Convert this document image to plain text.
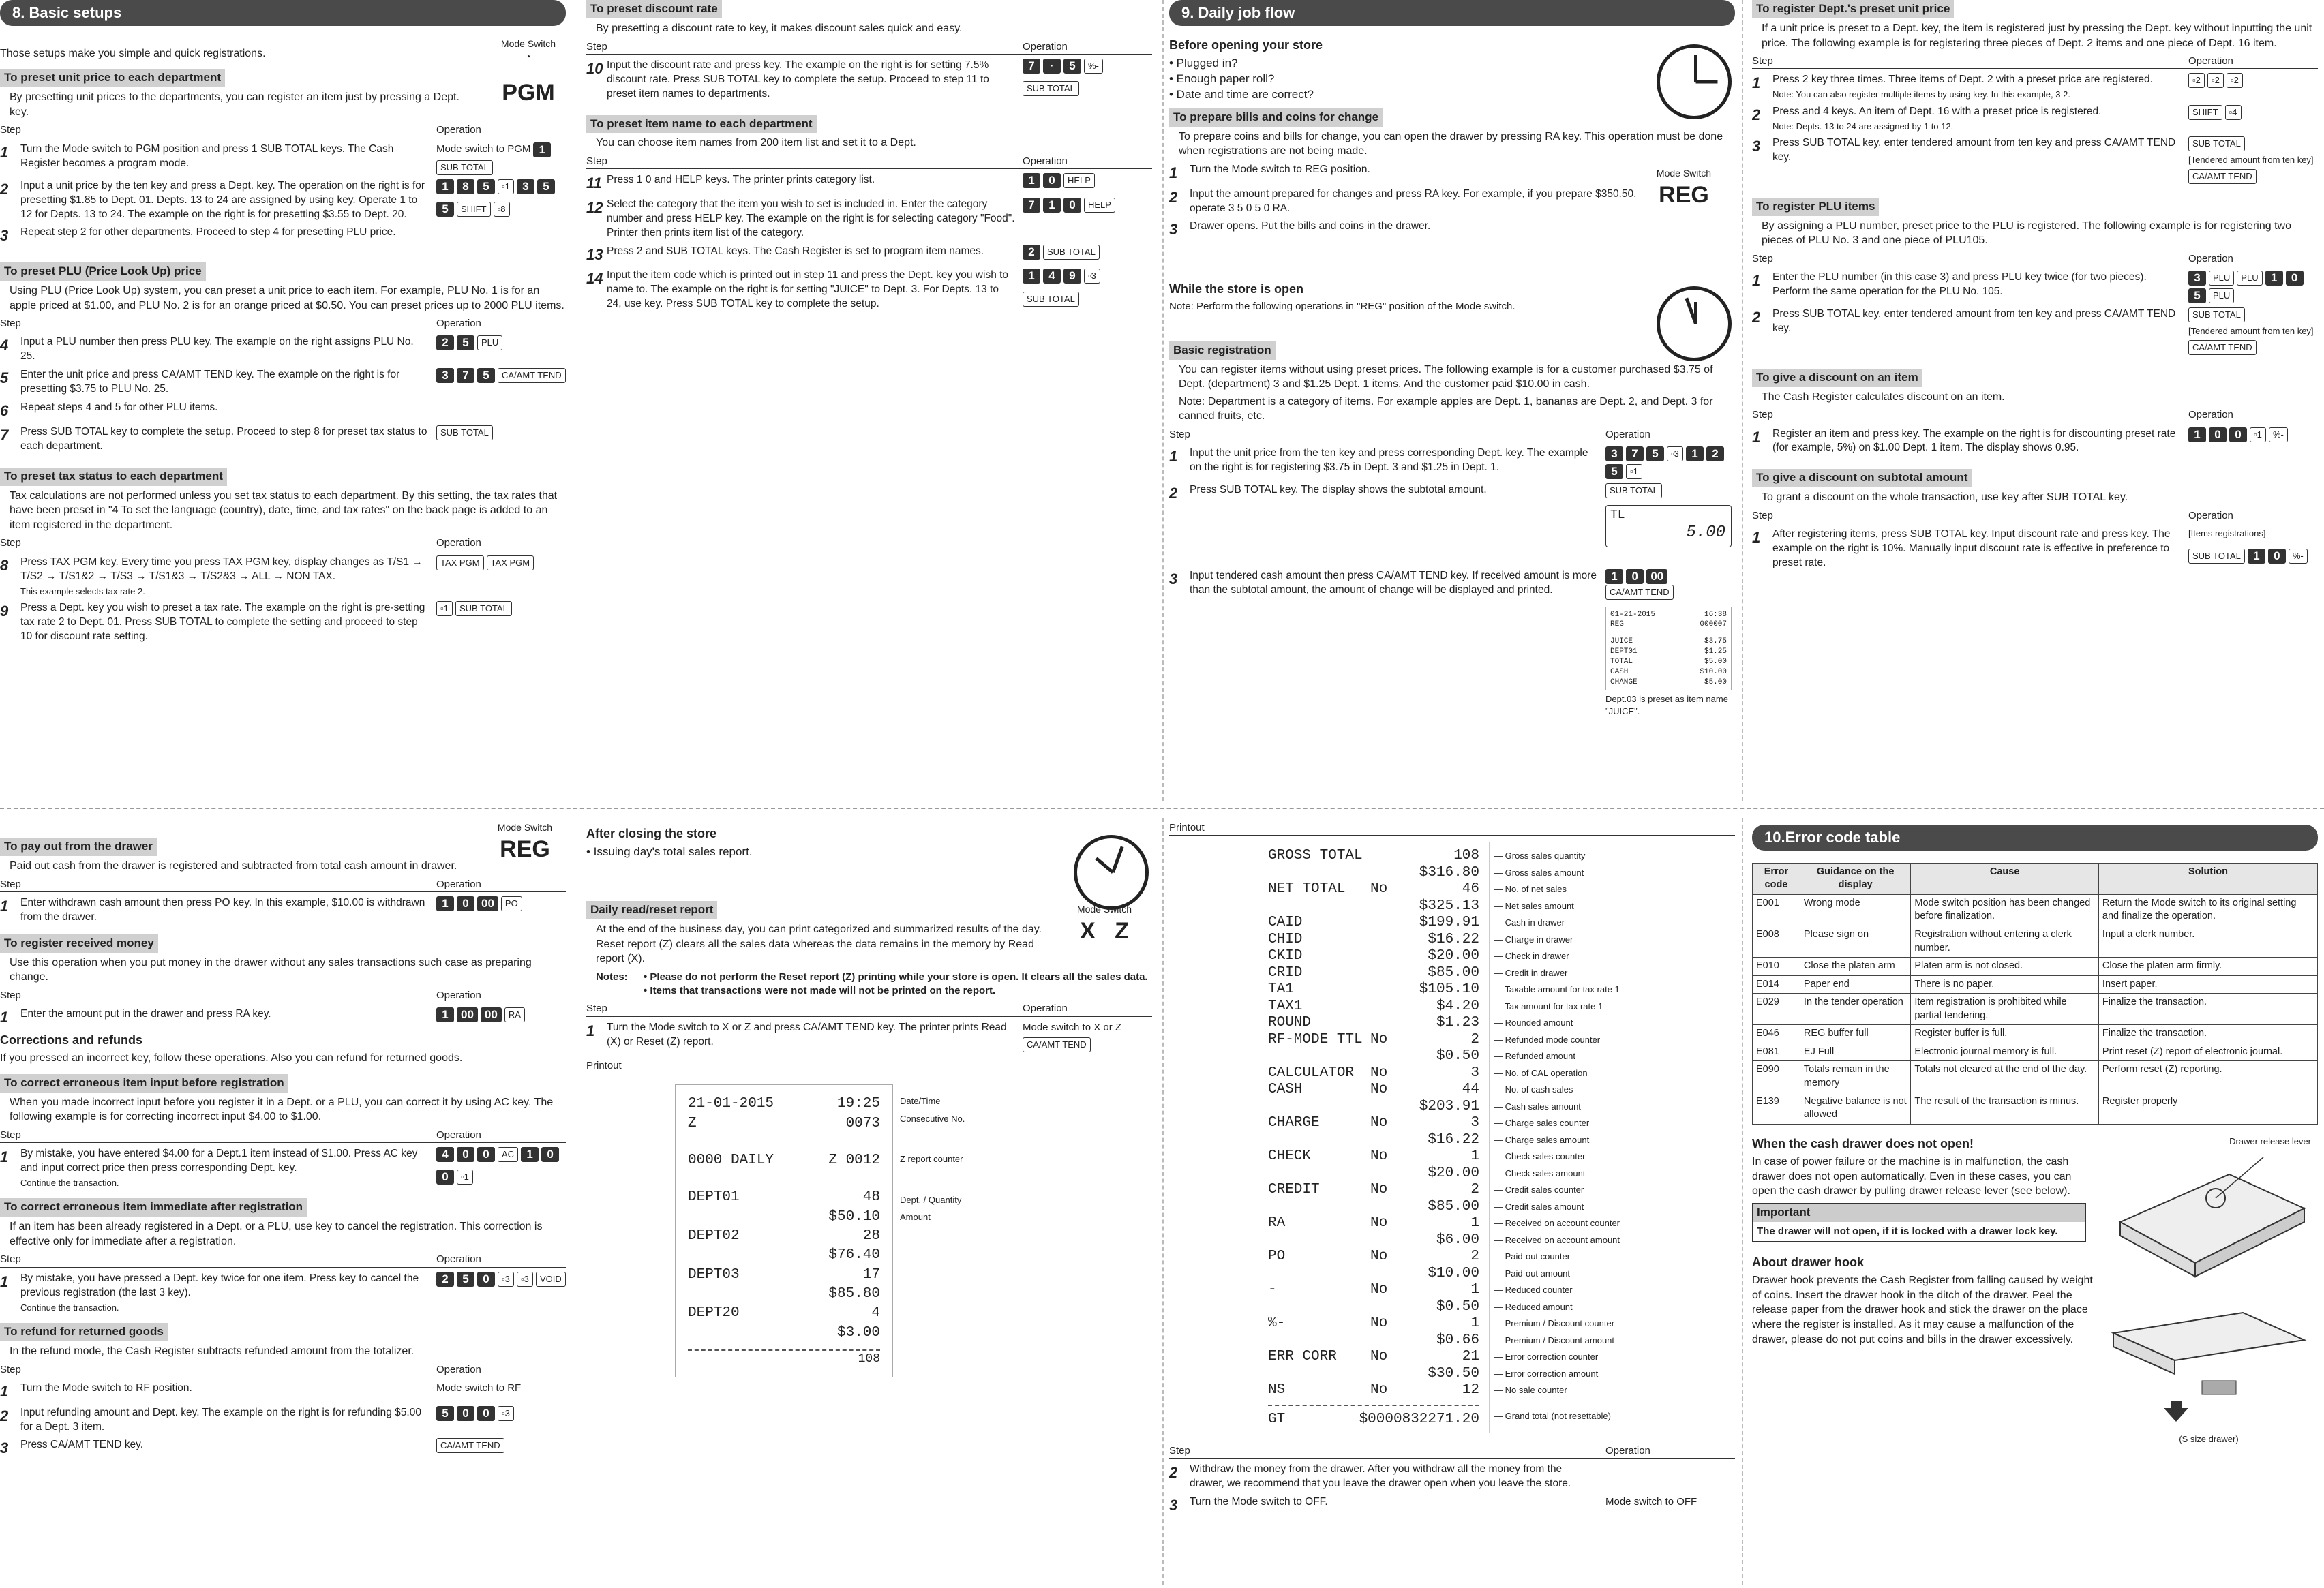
8. Basic setups
Those setups make you simple and quick registrations.
Mode Switch
◔
PGM
To preset unit price to each department
By presetting unit prices to the departments, you can register an item just by pressing a Dept. key.
Step	Operation
1	Turn the Mode switch to PGM position and press 1 SUB TOTAL keys. The Cash Register becomes a program mode.
Mode switch to PGM 1
SUB TOTAL
2	Input a unit price by the ten key and press a Dept. key. The operation on the right is for presetting $1.85 to Dept. 01. Depts. 13 to 24 are assigned by using key. Operate 1 to 12 for Depts. 13 to 24. The example on the right is for presetting $3.55 to Dept. 20.
1	8	5	▫1	3	5
5	SHIFT	▫8
3	Repeat step 2 for other departments. Proceed to step 4 for presetting PLU price.
To preset PLU (Price Look Up) price
Using PLU (Price Look Up) system, you can preset a unit price to each item. For example, PLU No. 1 is for an apple priced at $1.00, and PLU No. 2 is for an orange priced at $0.50. You can preset prices up to 2000 PLU items.
Step	Operation
4	Input a PLU number then press PLU key. The example on the right assigns PLU No. 25.
2	5	PLU
5	Enter the unit price and press CA/AMT TEND key. The example on the right is for presetting $3.75 to PLU No. 25.
3	7	5	CA/AMT TEND
6	Repeat steps 4 and 5 for other PLU items.
7	Press SUB TOTAL key to complete the setup. Proceed to step 8 for preset tax status to each department.
SUB TOTAL
To preset tax status to each department
Tax calculations are not performed unless you set tax status to each department. By this setting, the tax rates that have been preset in "4 To set the language (country), date, time, and tax rates" on the back page is added to an item registered in the department.
Step	Operation
8	Press TAX PGM key. Every time you press TAX PGM key, display changes as T/S1 → T/S2 → T/S1&2 → T/S3 → T/S1&3 → T/S2&3 → ALL → NON TAX.
This example selects tax rate 2.
TAX PGM	TAX PGM
9	Press a Dept. key you wish to preset a tax rate. The example on the right is pre-setting tax rate 2 to Dept. 01. Press SUB TOTAL to complete the setting and proceed to step 10 for discount rate setting.
▫1	SUB TOTAL
To preset discount rate
By presetting a discount rate to key, it makes discount sales quick and easy.
Step	Operation
10 Input the discount rate and press key. The example on the right is for setting 7.5% discount rate. Press SUB TOTAL key to complete the setup. Proceed to step 11 to preset item names to departments.
7	·	5	%-
SUB TOTAL
To preset item name to each department
You can choose item names from 200 item list and set it to a Dept.
Step	Operation
11 Press 1 0 and HELP keys. The printer prints category list.	1	0	HELP
12 Select the category that the item you wish to set is included in. Enter the category number and press HELP key. The example on the right is for selecting category "Food". Printer then prints item list of the category.
7	1	0	HELP
13 Press 2 and SUB TOTAL keys. The Cash Register is set to program item names.	2	SUB TOTAL
14 Input the item code which is printed out in step 11 and press the Dept. key you wish to name to. The example on the right is for setting "JUICE" to Dept. 3. For Depts. 13 to 24, use key. Press SUB TOTAL key to complete the setup.
1	4	9	▫3
SUB TOTAL
9. Daily job flow
Before opening your store
• Plugged in?
• Enough paper roll?
• Date and time are correct?
To prepare bills and coins for change
To prepare coins and bills for change, you can open the drawer by pressing RA key. This operation must be done when registrations are not being made.
1	Turn the Mode switch to REG position.
2	Input the amount prepared for changes and press RA key. For example, if you prepare $350.50, operate 3 5 0 5 0 RA.
3	Drawer opens. Put the bills and coins in the drawer.
Mode Switch
REG
While the store is open
Note: Perform the following operations in "REG" position of the Mode switch.
Basic registration
You can register items without using preset prices. The following example is for a customer purchased $3.75 of Dept. (department) 3 and $1.25 Dept. 1 items. And the customer paid $10.00 in cash.
Note: Department is a category of items. For example apples are Dept. 1, bananas are Dept. 2, and Dept. 3 for canned fruits, etc.
Step	Operation
1	Input the unit price from the ten key and press corresponding Dept. key. The example on the right is for registering $3.75 in Dept. 3 and $1.25 in Dept. 1.
3	7	5	▫3	1	2
5	▫1
2	Press SUB TOTAL key. The display shows the subtotal amount.	SUB TOTAL
TL
5.00
3	Input tendered cash amount then press CA/AMT TEND key. If received amount is more than the subtotal amount, the amount of change will be displayed and printed.
1 0 00 CA/AMT TEND
01-21-2015	16:38
REG	000007
JUICE	$3.75
DEPT01	$1.25
TOTAL	$5.00
CASH	$10.00
CHANGE	$5.00
Dept.03 is preset as item name "JUICE".
To register Dept.'s preset unit price
If a unit price is preset to a Dept. key, the item is registered just by pressing the Dept. key without inputting the unit price. The following example is for registering three pieces of Dept. 2 items and one piece of Dept. 16 item.
Step	Operation
1	Press 2 key three times. Three items of Dept. 2 with a preset price are registered.
Note: You can also register multiple items by using key. In this example, 3 2.
▫2	▫2	▫2
2	Press and 4 keys. An item of Dept. 16 with a preset price is registered.
Note: Depts. 13 to 24 are assigned by 1 to 12.
SHIFT	▫4
3	Press SUB TOTAL key, enter tendered amount from ten key and press CA/AMT TEND key.
SUB TOTAL
[Tendered amount from ten key]
CA/AMT TEND
To register PLU items
By assigning a PLU number, preset price to the PLU is registered. The following example is for registering two pieces of PLU No. 3 and one piece of PLU105.
Step	Operation
1	Enter the PLU number (in this case 3) and press PLU key twice (for two pieces). Perform the same operation for the PLU No. 105.
3	PLU	PLU	1	0
5	PLU
2	Press SUB TOTAL key, enter tendered amount from ten key and press CA/AMT TEND key.
SUB TOTAL
[Tendered amount from ten key]
CA/AMT TEND
To give a discount on an item
The Cash Register calculates discount on an item.
Step	Operation
1	Register an item and press key. The example on the right is for discounting preset rate (for example, 5%) on $1.00 Dept. 1 item. The display shows 0.95.
1	0	0	▫1	%-
To give a discount on subtotal amount
To grant a discount on the whole transaction, use key after SUB TOTAL key.
Step	Operation
1	After registering items, press SUB TOTAL key. Input discount rate and press key. The example on the right is 10%. Manually input discount rate is effective in preference to preset rate.
[Items registrations]
SUB TOTAL	1	0	%-
Mode Switch
REG
To pay out from the drawer
Paid out cash from the drawer is registered and subtracted from total cash amount in drawer.
Step	Operation
1	Enter withdrawn cash amount then press PO key. In this example, $10.00 is withdrawn from the drawer.
1	0	00	PO
To register received money
Use this operation when you put money in the drawer without any sales transactions such case as preparing change.
Step	Operation
1	Enter the amount put in the drawer and press RA key.	1	00 00	RA
Corrections and refunds
If you pressed an incorrect key, follow these operations. Also you can refund for returned goods.
To correct erroneous item input before registration
When you made incorrect input before you register it in a Dept. or a PLU, you can correct it by using AC key. The following example is for correcting incorrect input $4.00 to $1.00.
Step	Operation
1	By mistake, you have entered $4.00 for a Dept.1 item instead of $1.00. Press AC key and input correct price then press corresponding Dept. key.
Continue the transaction.
4	0	0	AC	1	0
0	▫1
To correct erroneous item immediate after registration
If an item has been already registered in a Dept. or a PLU, use key to cancel the registration. This correction is effective only for immediate after a registration.
Step	Operation
1	By mistake, you have pressed a Dept. key twice for one item. Press key to cancel the previous registration (the last 3 key).
Continue the transaction.
2	5	0	▫3	▫3	VOID
To refund for returned goods
In the refund mode, the Cash Register subtracts refunded amount from the totalizer.
Step	Operation
1	Turn the Mode switch to RF position.	Mode switch to RF
2	Input refunding amount and Dept. key. The example on the right is for refunding $5.00 for a Dept. 3 item.
5	0	0	▫3
3	Press CA/AMT TEND key.	CA/AMT TEND
After closing the store
• Issuing day's total sales report.
Mode Switch
X   Z
Daily read/reset report
At the end of the business day, you can print categorized and summarized results of the day. Reset report (Z) clears all the sales data whereas the data remains in the memory by Read report (X).
Notes:	• Please do not perform the Reset report (Z) printing while your store is open. It clears all the sales data.
• Items that transactions were not made will not be printed on the report.
Step	Operation
1	Turn the Mode switch to X or Z and press CA/AMT TEND key. The printer prints Read (X) or Reset (Z) report.
Mode switch to X or Z
CA/AMT TEND
Printout
21-01-2015	19:25
Z	0073
0000 DAILY	Z 0012
DEPT01	48
$50.10
DEPT02	28
$76.40
DEPT03	17
$85.80
DEPT20	4
$3.00
108
Date/Time
Consecutive No.
Z report counter
Dept. / Quantity
Amount
Printout
GROSS TOTAL	108
$316.80
NET TOTAL	No	46
$325.13
CAID	$199.91
CHID	$16.22
CKID	$20.00
CRID	$85.00
TA1	$105.10
TAX1	$4.20
ROUND	$1.23
RF-MODE TTL No	2
$0.50
CALCULATOR	No	3
CASH	No	44
$203.91
CHARGE	No	3
$16.22
CHECK	No	1
$20.00
CREDIT	No	2
$85.00
RA	No	1
$6.00
PO	No	2
$10.00
-	No	1
$0.50
%-	No	1
$0.66
ERR CORR	No	21
$30.50
NS	No	12
GT	$0000832271.20
— Gross sales quantity
— Gross sales amount
— No. of net sales
— Net sales amount
— Cash in drawer
— Charge in drawer
— Check in drawer
— Credit in drawer
— Taxable amount for tax rate 1
— Tax amount for tax rate 1
— Rounded amount
— Refunded mode counter
— Refunded amount
— No. of CAL operation
— No. of cash sales
— Cash sales amount
— Charge sales counter
— Charge sales amount
— Check sales counter
— Check sales amount
— Credit sales counter
— Credit sales amount
— Received on account counter
— Received on account amount
— Paid-out counter
— Paid-out amount
— Reduced counter
— Reduced amount
— Premium / Discount counter
— Premium / Discount amount
— Error correction counter
— Error correction amount
— No sale counter
— Grand total (not resettable)
Step	Operation
2	Withdraw the money from the drawer. After you withdraw all the money from the drawer, we recommend that you leave the drawer open when you leave the store.
3	Turn the Mode switch to OFF.	Mode switch to OFF
10.Error code table
Error code	Guidance on the display	Cause	Solution
E001	Wrong mode	Mode switch position has been changed before finalization.	Return the Mode switch to its original setting and finalize the operation.
E008	Please sign on	Registration without entering a clerk number.	Input a clerk number.
E010	Close the platen arm	Platen arm is not closed.	Close the platen arm firmly.
E014	Paper end	There is no paper.	Insert paper.
E029	In the tender operation	Item registration is prohibited while partial tendering.	Finalize the transaction.
E046	REG buffer full	Register buffer is full.	Finalize the transaction.
E081	EJ Full	Electronic journal memory is full.	Print reset (Z) report of electronic journal.
E090	Totals remain in the memory	Totals not cleared at the end of the day.	Perform reset (Z) reporting.
E139	Negative balance is not allowed	The result of the transaction is minus.	Register properly
When the cash drawer does not open!
In case of power failure or the machine is in malfunction, the cash drawer does not open automatically. Even in these cases, you can open the cash drawer by pulling drawer release lever (see below).
Important
The drawer will not open, if it is locked with a drawer lock key.
About drawer hook
Drawer hook prevents the Cash Register from falling caused by weight of coins. Insert the drawer hook in the ditch of the drawer. Peel the release paper from the drawer hook and stick the drawer on the place where the register is installed. As it may cause a malfunction of the drawer, please do not put coins and bills in the drawer excessively.
Drawer release lever
(S size drawer)
